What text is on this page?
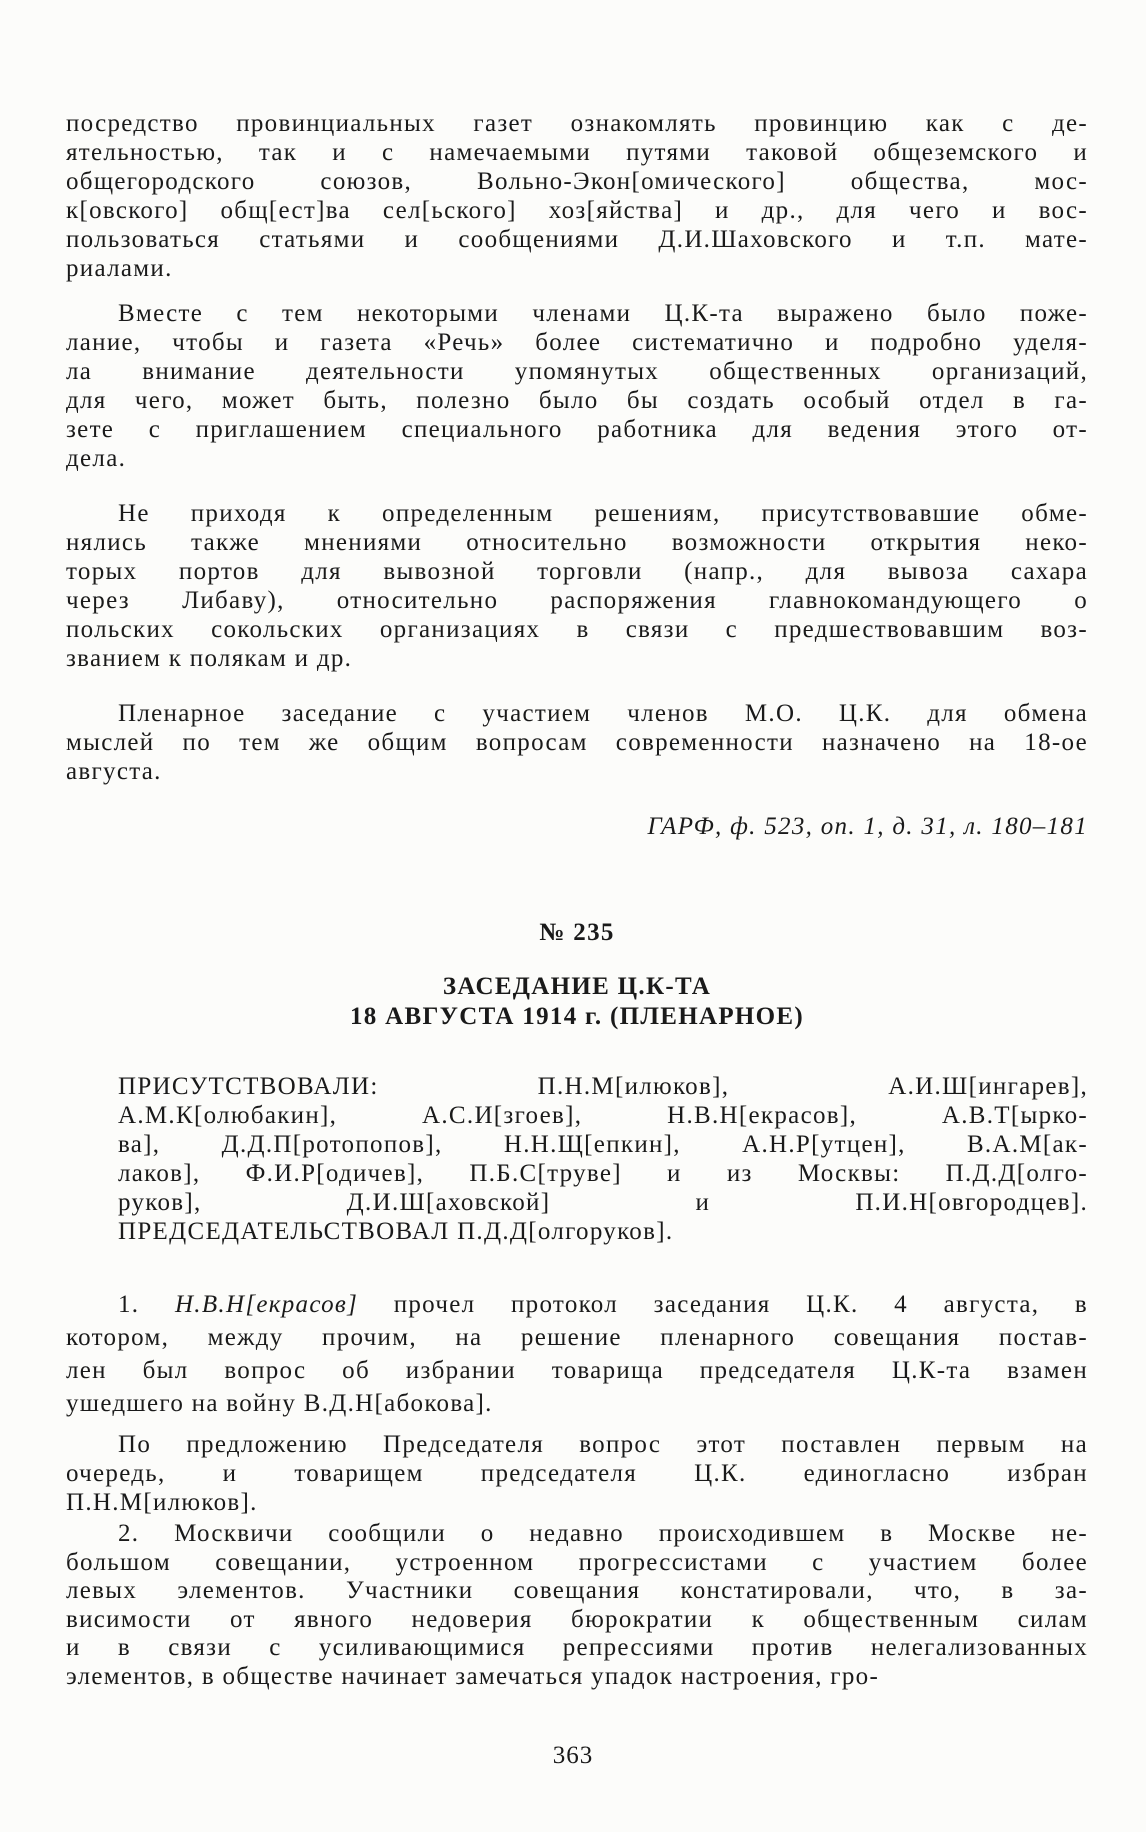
посредство провинциальных газет ознакомлять провинцию как с де-
ятельностью, так и с намечаемыми путями таковой общеземского и
общегородского союзов, Вольно-Экон[омического] общества, мос-
к[овского] общ[ест]ва сел[ьского] хоз[яйства] и др., для чего и вос-
пользоваться статьями и сообщениями Д.И.Шаховского и т.п. мате-
риалами.
Вместе с тем некоторыми членами Ц.К-та выражено было поже-
лание, чтобы и газета «Речь» более систематично и подробно уделя-
ла внимание деятельности упомянутых общественных организаций,
для чего, может быть, полезно было бы создать особый отдел в га-
зете с приглашением специального работника для ведения этого от-
дела.
Не приходя к определенным решениям, присутствовавшие обме-
нялись также мнениями относительно возможности открытия неко-
торых портов для вывозной торговли (напр., для вывоза сахара
через Либаву), относительно распоряжения главнокомандующего о
польских сокольских организациях в связи с предшествовавшим воз-
званием к полякам и др.
Пленарное заседание с участием членов М.О. Ц.К. для обмена
мыслей по тем же общим вопросам современности назначено на 18-ое
августа.
ГАРФ, ф. 523, оп. 1, д. 31, л. 180–181
№ 235
ЗАСЕДАНИЕ Ц.К-ТА
18 АВГУСТА 1914 г. (ПЛЕНАРНОЕ)
ПРИСУТСТВОВАЛИ: П.Н.М[илюков], А.И.Ш[ингарев],
А.М.К[олюбакин], А.С.И[згоев], Н.В.Н[екрасов], А.В.Т[ырко-
ва], Д.Д.П[ротопопов], Н.Н.Щ[епкин], А.Н.Р[утцен], В.А.М[ак-
лаков], Ф.И.Р[одичев], П.Б.С[труве] и из Москвы: П.Д.Д[олго-
руков], Д.И.Ш[аховской] и П.И.Н[овгородцев].
ПРЕДСЕДАТЕЛЬСТВОВАЛ П.Д.Д[олгоруков].
1. Н.В.Н[екрасов] прочел протокол заседания Ц.К. 4 августа, в
котором, между прочим, на решение пленарного совещания постав-
лен был вопрос об избрании товарища председателя Ц.К-та взамен
ушедшего на войну В.Д.Н[абокова].
По предложению Председателя вопрос этот поставлен первым на
очередь, и товарищем председателя Ц.К. единогласно избран
П.Н.М[илюков].
2. Москвичи сообщили о недавно происходившем в Москве не-
большом совещании, устроенном прогрессистами с участием более
левых элементов. Участники совещания констатировали, что, в за-
висимости от явного недоверия бюрократии к общественным силам
и в связи с усиливающимися репрессиями против нелегализованных
элементов, в обществе начинает замечаться упадок настроения, гро-
363
